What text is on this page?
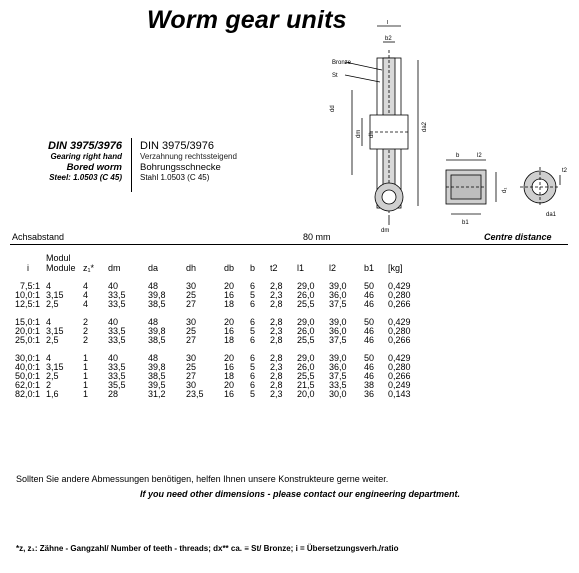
Worm gear units
Bronze
St
l
b2
da2
dm
dd
dh
dm
b	l2
b1
d₁
t2
da1
DIN 3975/3976
Gearing right hand
Bored worm
Steel: 1.0503 (C 45)
DIN 3975/3976
Verzahnung rechtssteigend
Bohrungsschnecke
Stahl 1.0503 (C 45)
Achsabstand	80 mm	Centre distance
i	Modul Module	z₁*	dm	da	dh	db	b	t2	l1	l2	b1	[kg]

7,5:1	4	4	40	48	30	20	6	2,8	29,0	39,0	50	0,429
10,0:1	3,15	4	33,5	39,8	25	16	5	2,3	26,0	36,0	46	0,280
12,5:1	2,5	4	33,5	38,5	27	18	6	2,8	25,5	37,5	46	0,266

15,0:1	4	2	40	48	30	20	6	2,8	29,0	39,0	50	0,429
20,0:1	3,15	2	33,5	39,8	25	16	5	2,3	26,0	36,0	46	0,280
25,0:1	2,5	2	33,5	38,5	27	18	6	2,8	25,5	37,5	46	0,266

30,0:1	4	1	40	48	30	20	6	2,8	29,0	39,0	50	0,429
40,0:1	3,15	1	33,5	39,8	25	16	5	2,3	26,0	36,0	46	0,280
50,0:1	2,5	1	33,5	38,5	27	18	6	2,8	25,5	37,5	46	0,266
62,0:1	2	1	35,5	39,5	30	20	6	2,8	21,5	33,5	38	0,249
82,0:1	1,6	1	28	31,2	23,5	16	5	2,3	20,0	30,0	36	0,143
Sollten Sie andere Abmessungen benötigen, helfen Ihnen unsere Konstrukteure gerne weiter.
If you need other dimensions - please contact our engineering department.
*z, z₁: Zähne - Gangzahl/ Number of teeth - threads; dx** ca. ≡ St/ Bronze; i = Übersetzungsverh./ratio
